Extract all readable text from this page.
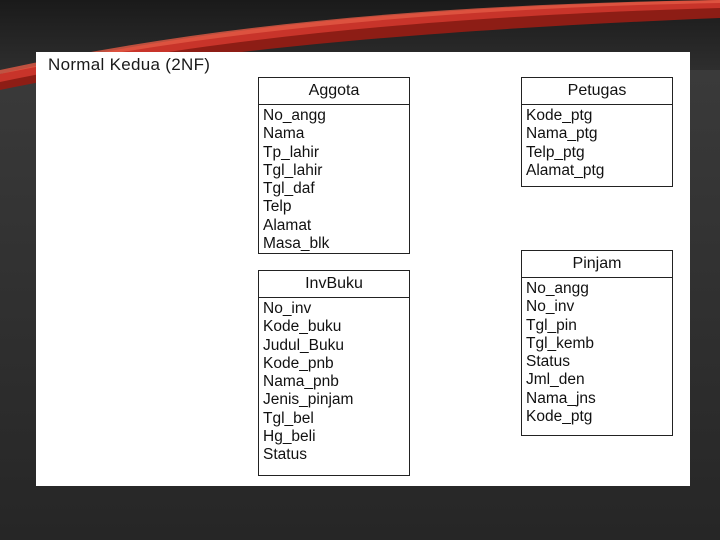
Normal Kedua (2NF)
Aggota
No_angg
Nama
Tp_lahir
Tgl_lahir
Tgl_daf
Telp
Alamat
Masa_blk
InvBuku
No_inv
Kode_buku
Judul_Buku
Kode_pnb
Nama_pnb
Jenis_pinjam
Tgl_bel
Hg_beli
Status
Petugas
Kode_ptg
Nama_ptg
Telp_ptg
Alamat_ptg
Pinjam
No_angg
No_inv
Tgl_pin
Tgl_kemb
Status
Jml_den
Nama_jns
Kode_ptg
